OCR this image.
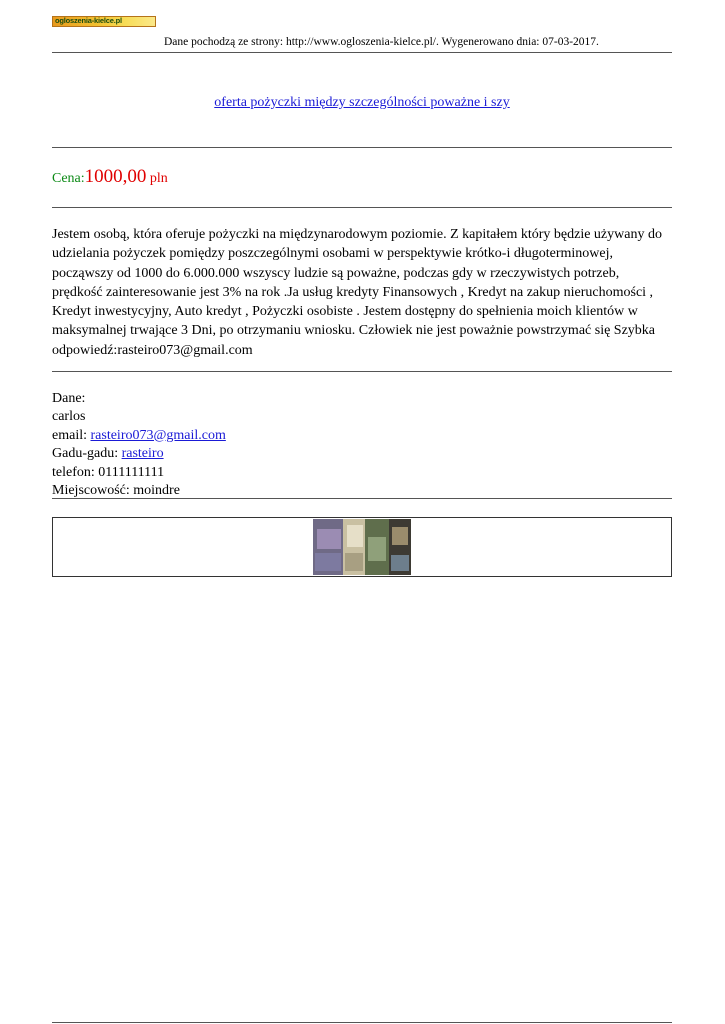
ogloszenia-kielce.pl
Dane pochodzą ze strony: http://www.ogloszenia-kielce.pl/. Wygenerowano dnia: 07-03-2017.
oferta pożyczki między szczególności poważne i szy
Cena:1000,00 pln
Jestem osobą, która oferuje pożyczki na międzynarodowym poziomie. Z kapitałem który będzie używany do udzielania pożyczek pomiędzy poszczególnymi osobami w perspektywie krótko-i długoterminowej, począwszy od 1000 do 6.000.000 wszyscy ludzie są poważne, podczas gdy w rzeczywistych potrzeb, prędkość zainteresowanie jest 3% na rok .Ja usług kredyty Finansowych , Kredyt na zakup nieruchomości , Kredyt inwestycyjny, Auto kredyt , Pożyczki osobiste . Jestem dostępny do spełnienia moich klientów w maksymalnej trwające 3 Dni, po otrzymaniu wniosku. Człowiek nie jest poważnie powstrzymać się Szybka odpowiedź:rasteiro073@gmail.com
Dane:
carlos
email: rasteiro073@gmail.com
Gadu-gadu: rasteiro
telefon: 0111111111
Miejscowość: moindre
